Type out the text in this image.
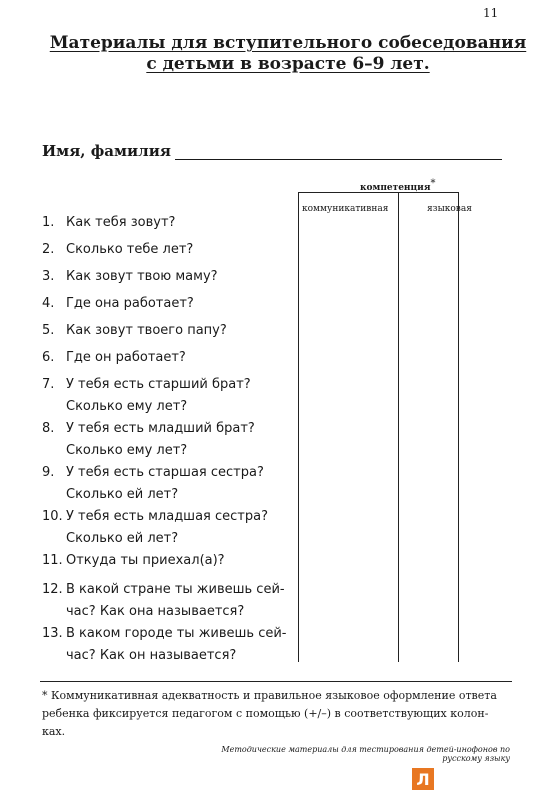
11
Материалы для вступительного собеседования
с детьми в возрасте 6–9 лет.
Имя, фамилия
компетенция*
коммуникативная	языковая
1. Как тебя зовут?
2. Сколько тебе лет?
3. Как зовут твою маму?
4. Где она работает?
5. Как зовут твоего папу?
6. Где он работает?
7. У тебя есть старший брат? Сколько ему лет?
8. У тебя есть младший брат? Сколько ему лет?
9. У тебя есть старшая сестра? Сколько ей лет?
10. У тебя есть младшая сестра? Сколько ей лет?
11. Откуда ты приехал(а)?
12. В какой стране ты живешь сей-час? Как она называется?
13. В каком городе ты живешь сей-час? Как он называется?
* Коммуникативная адекватность и правильное языковое оформление ответа ребенка фиксируется педагогом с помощью (+/–) в соответствующих колон-ках.
Методические материалы для тестирования детей-инофонов по русскому языку
Л
